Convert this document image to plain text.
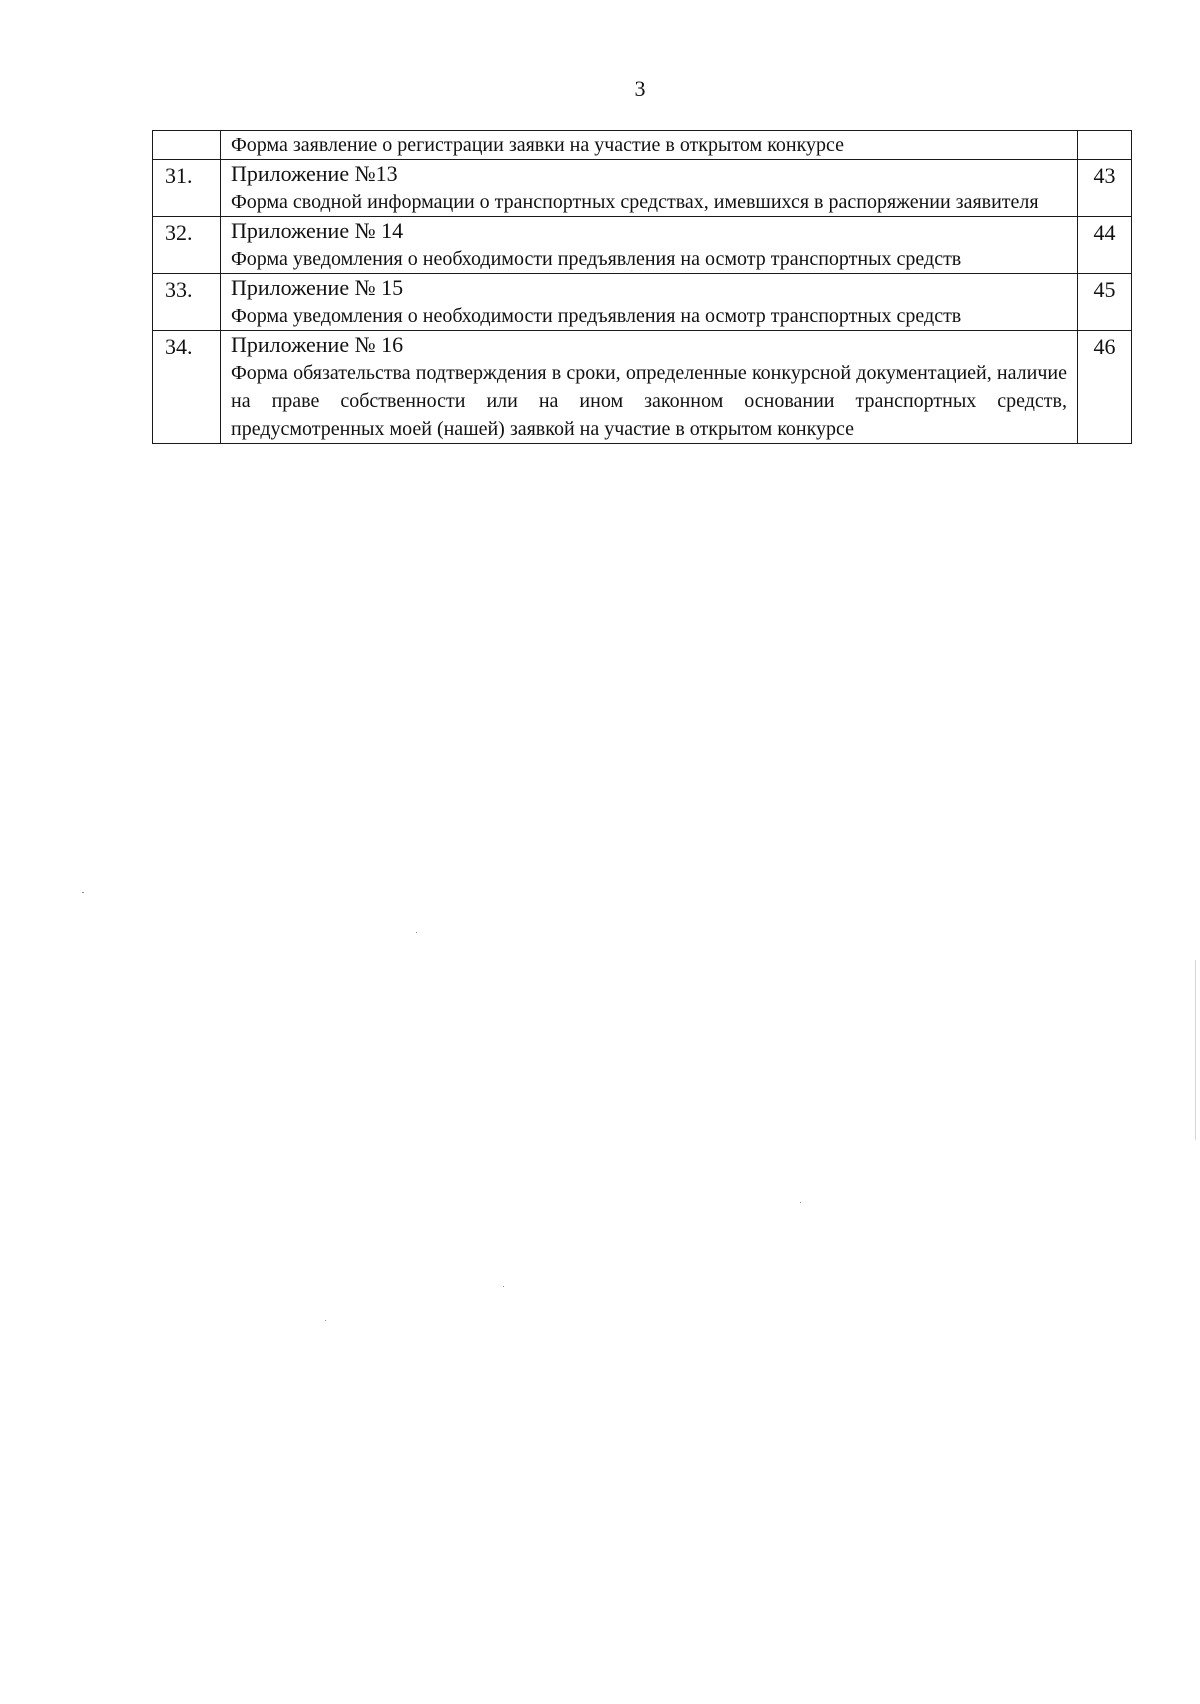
3

	Форма заявление о регистрации заявки на участие в открытом конкурсе	

31.	Приложение №13
Форма сводной информации о транспортных средствах, имевшихся в распоряжении заявителя	43
32.	Приложение № 14
Форма уведомления о необходимости предъявления на осмотр транспортных средств	44
33.	Приложение № 15
Форма уведомления о необходимости предъявления на осмотр транспортных средств	45
34.	Приложение № 16
Форма обязательства подтверждения в сроки, определенные конкурсной документацией, наличие на праве собственности или на ином законном основании транспортных средств, предусмотренных моей (нашей) заявкой на участие в открытом конкурсе	46
